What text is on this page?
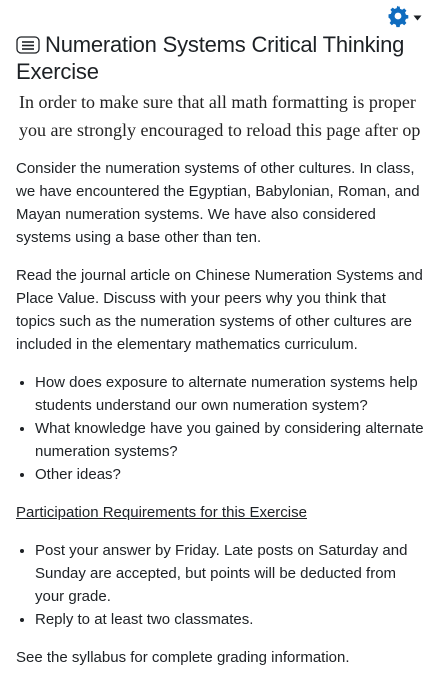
Numeration Systems Critical Thinking Exercise
In order to make sure that all math formatting is proper
you are strongly encouraged to reload this page after op

Consider the numeration systems of other cultures. In class, we have encountered the Egyptian, Babylonian, Roman, and Mayan numeration systems. We have also considered systems using a base other than ten.

Read the journal article on Chinese Numeration Systems and Place Value. Discuss with your peers why you think that topics such as the numeration systems of other cultures are included in the elementary mathematics curriculum.

• How does exposure to alternate numeration systems help students understand our own numeration system?
• What knowledge have you gained by considering alternate numeration systems?
• Other ideas?

Participation Requirements for this Exercise

• Post your answer by Friday. Late posts on Saturday and Sunday are accepted, but points will be deducted from your grade.
• Reply to at least two classmates.

See the syllabus for complete grading information.
